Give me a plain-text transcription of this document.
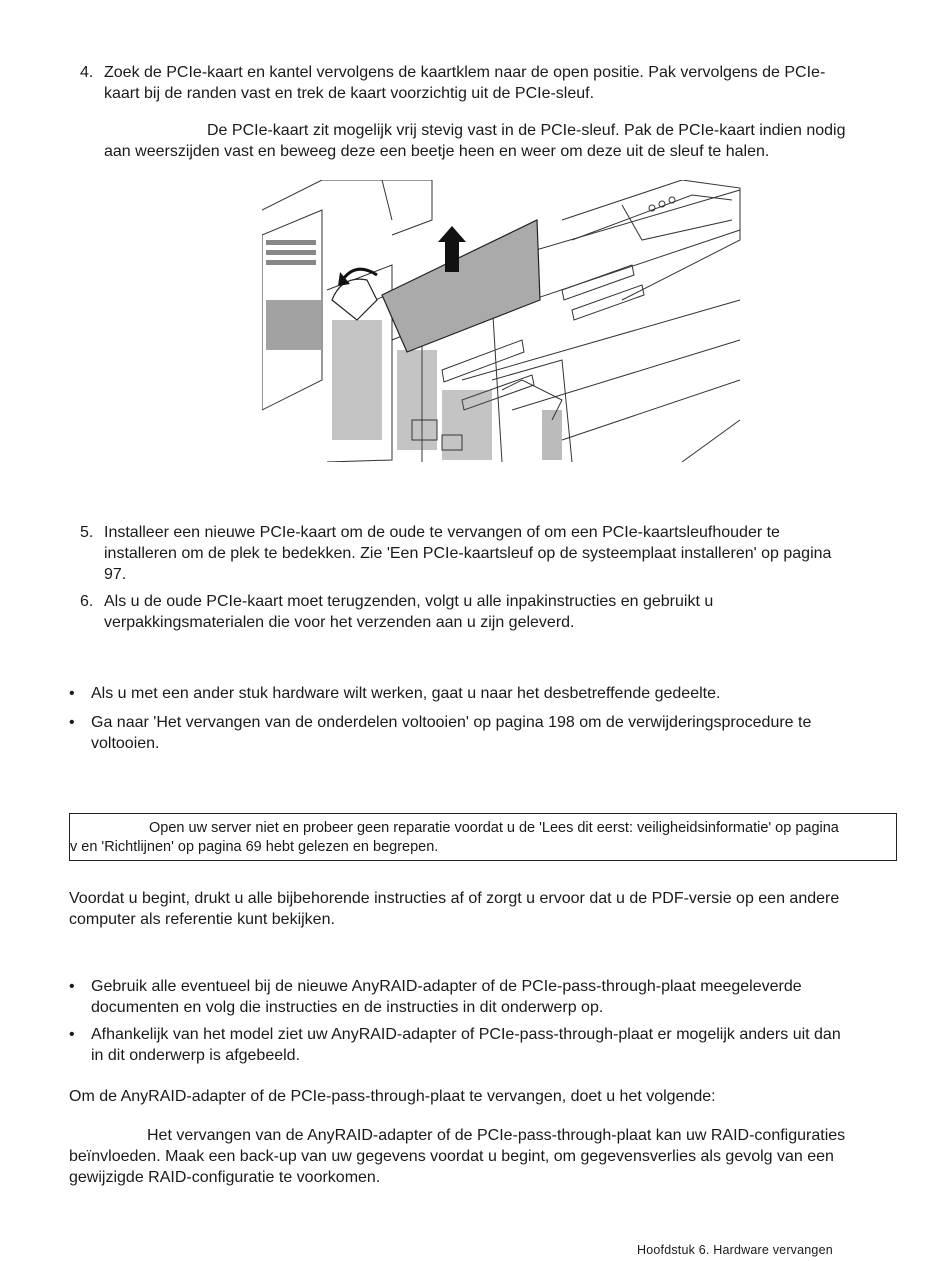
4. Zoek de PCIe-kaart en kantel vervolgens de kaartklem naar de open positie. Pak vervolgens de PCIe-
kaart bij de randen vast en trek de kaart voorzichtig uit de PCIe-sleuf.
De PCIe-kaart zit mogelijk vrij stevig vast in de PCIe-sleuf. Pak de PCIe-kaart indien nodig
aan weerszijden vast en beweeg deze een beetje heen en weer om deze uit de sleuf te halen.
5. Installeer een nieuwe PCIe-kaart om de oude te vervangen of om een PCIe-kaartsleufhouder te
installeren om de plek te bedekken. Zie 'Een PCIe-kaartsleuf op de systeemplaat installeren' op pagina
97.
6. Als u de oude PCIe-kaart moet terugzenden, volgt u alle inpakinstructies en gebruikt u
verpakkingsmaterialen die voor het verzenden aan u zijn geleverd.
• Als u met een ander stuk hardware wilt werken, gaat u naar het desbetreffende gedeelte.
• Ga naar 'Het vervangen van de onderdelen voltooien' op pagina 198 om de verwijderingsprocedure te
voltooien.
Open uw server niet en probeer geen reparatie voordat u de 'Lees dit eerst: veiligheidsinformatie' op pagina
v en 'Richtlijnen' op pagina 69 hebt gelezen en begrepen.
Voordat u begint, drukt u alle bijbehorende instructies af of zorgt u ervoor dat u de PDF-versie op een andere
computer als referentie kunt bekijken.
• Gebruik alle eventueel bij de nieuwe AnyRAID-adapter of de PCIe-pass-through-plaat meegeleverde
documenten en volg die instructies en de instructies in dit onderwerp op.
• Afhankelijk van het model ziet uw AnyRAID-adapter of PCIe-pass-through-plaat er mogelijk anders uit dan
in dit onderwerp is afgebeeld.
Om de AnyRAID-adapter of de PCIe-pass-through-plaat te vervangen, doet u het volgende:
Het vervangen van de AnyRAID-adapter of de PCIe-pass-through-plaat kan uw RAID-configuraties
beïnvloeden. Maak een back-up van uw gegevens voordat u begint, om gegevensverlies als gevolg van een
gewijzigde RAID-configuratie te voorkomen.
Hoofdstuk 6. Hardware vervangen
